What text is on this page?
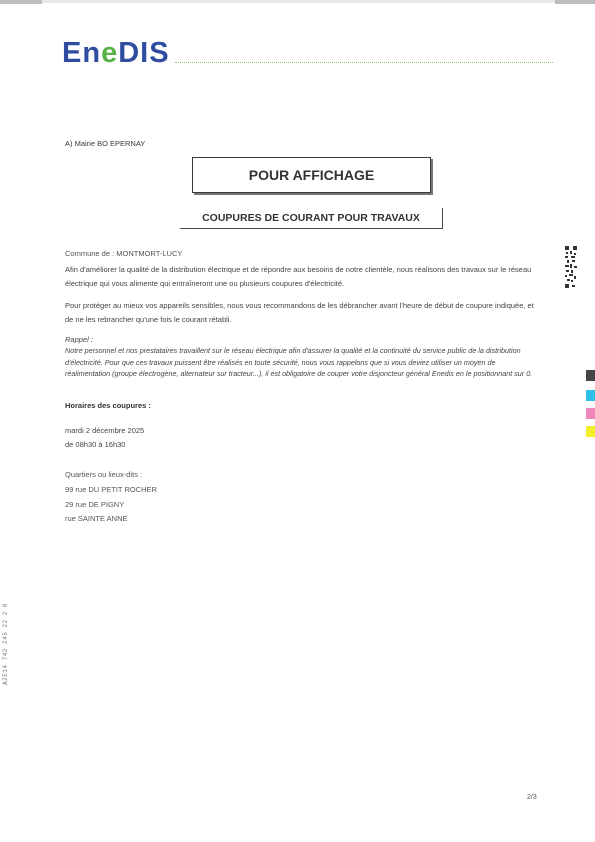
EneDIS
A) Mairie BO EPERNAY
POUR AFFICHAGE
COUPURES DE COURANT POUR TRAVAUX
Commune de : MONTMORT-LUCY
Afin d'améliorer la qualité de la distribution électrique et de répondre aux besoins de notre clientèle, nous réalisons des travaux sur le réseau électrique qui vous alimente qui entraîneront une ou plusieurs coupures d'électricité.
Pour protéger au mieux vos appareils sensibles, nous vous recommandons de les débrancher avant l'heure de début de coupure indiquée, et de ne les rebrancher qu'une fois le courant rétabli.
Rappel :
Notre personnel et nos prestataires travaillent sur le réseau électrique afin d'assurer la qualité et la continuité du service public de la distribution d'électricité. Pour que ces travaux puissent être réalisés en toute sécurité, nous vous rappelons que si vous deviez utiliser un moyen de réalimentation (groupe électrogène, alternateur sur tracteur...), il est obligatoire de couper votre disjoncteur général Enedis en le positionnant sur 0.
Horaires des coupures :
mardi 2 décembre 2025
de 08h30 à 16h30
Quartiers ou lieux-dits :
99 rue DU PETIT ROCHER
29 rue DE PIGNY
rue SAINTE ANNE
A2E14 742 245 22 2 0
2/3
